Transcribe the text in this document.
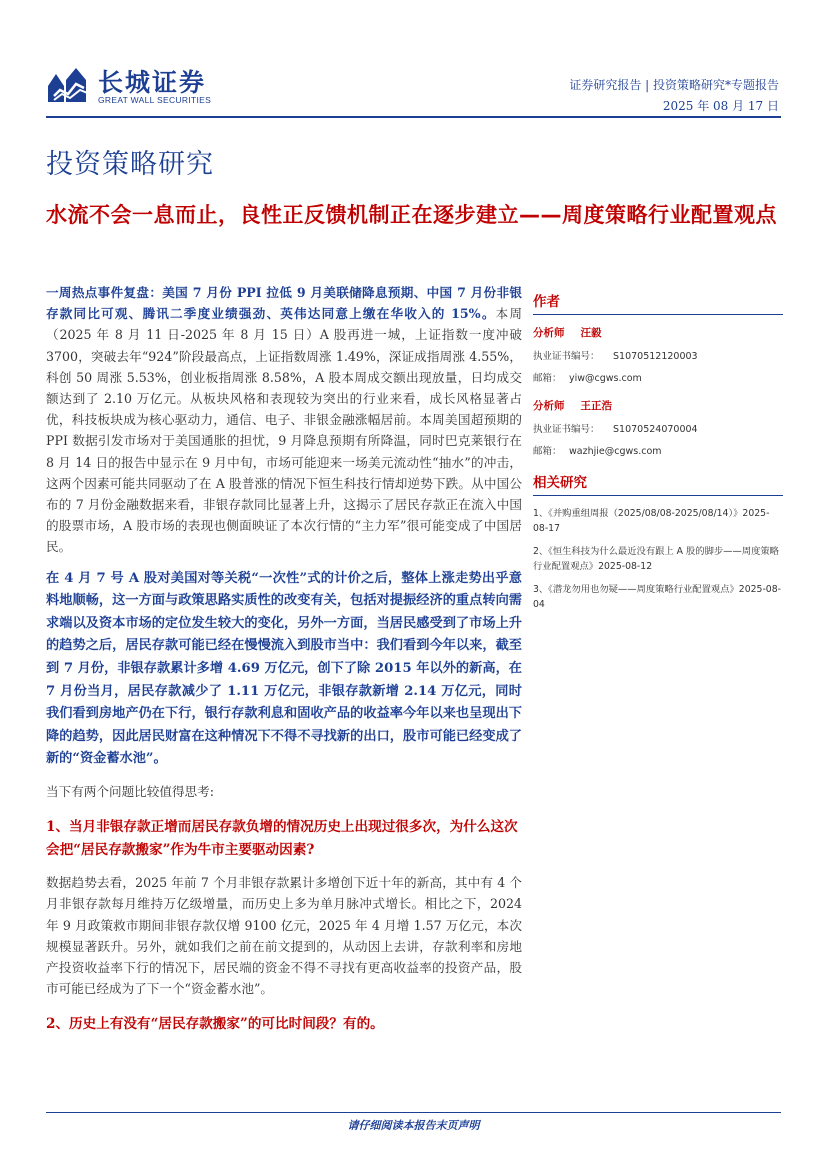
长城证券
GREAT WALL SECURITIES
证券研究报告 | 投资策略研究*专题报告
2025 年 08 月 17 日
投资策略研究
水流不会一息而止，良性正反馈机制正在逐步建立——周度策略行业配置观点

一周热点事件复盘：美国 7 月份 PPI 拉低 9 月美联储降息预期、中国 7 月份非银存款同比可观、腾讯二季度业绩强劲、英伟达同意上缴在华收入的 15%。本周（2025 年 8 月 11 日-2025 年 8 月 15 日）A 股再进一城，上证指数一度冲破 3700，突破去年“924”阶段最高点，上证指数周涨 1.49%，深证成指周涨 4.55%，科创 50 周涨 5.53%，创业板指周涨 8.58%，A 股本周成交额出现放量，日均成交额达到了 2.10 万亿元。从板块风格和表现较为突出的行业来看，成长风格显著占优，科技板块成为核心驱动力，通信、电子、非银金融涨幅居前。本周美国超预期的 PPI 数据引发市场对于美国通胀的担忧，9 月降息预期有所降温，同时巴克莱银行在 8 月 14 日的报告中显示在 9 月中旬，市场可能迎来一场美元流动性“抽水”的冲击，这两个因素可能共同驱动了在 A 股普涨的情况下恒生科技行情却逆势下跌。从中国公布的 7 月份金融数据来看，非银存款同比显著上升，这揭示了居民存款正在流入中国的股票市场，A 股市场的表现也侧面映证了本次行情的“主力军”很可能变成了中国居民。

在 4 月 7 号 A 股对美国对等关税“一次性”式的计价之后，整体上涨走势出乎意料地顺畅，这一方面与政策思路实质性的改变有关，包括对提振经济的重点转向需求端以及资本市场的定位发生较大的变化，另外一方面，当居民感受到了市场上升的趋势之后，居民存款可能已经在慢慢流入到股市当中：我们看到今年以来，截至到 7 月份，非银存款累计多增 4.69 万亿元，创下了除 2015 年以外的新高，在 7 月份当月，居民存款减少了 1.11 万亿元，非银存款新增 2.14 万亿元，同时我们看到房地产仍在下行，银行存款利息和固收产品的收益率今年以来也呈现出下降的趋势，因此居民财富在这种情况下不得不寻找新的出口，股市可能已经变成了新的“资金蓄水池”。

当下有两个问题比较值得思考:

1、当月非银存款正增而居民存款负增的情况历史上出现过很多次，为什么这次会把“居民存款搬家”作为牛市主要驱动因素?

数据趋势去看，2025 年前 7 个月非银存款累计多增创下近十年的新高，其中有 4 个月非银存款每月维持万亿级增量，而历史上多为单月脉冲式增长。相比之下，2024 年 9 月政策救市期间非银存款仅增 9100 亿元，2025 年 4 月增 1.57 万亿元，本次规模显著跃升。另外，就如我们之前在前文提到的，从动因上去讲，存款利率和房地产投资收益率下行的情况下，居民端的资金不得不寻找有更高收益率的投资产品，股市可能已经成为了下一个“资金蓄水池”。

2、历史上有没有“居民存款搬家”的可比时间段？有的。

作者
分析师 汪毅
执业证书编号： S1070512120003
邮箱： yiw@cgws.com
分析师 王正浩
执业证书编号： S1070524070004
邮箱： wazhjie@cgws.com
相关研究
1、《并购重组周报（2025/08/08-2025/08/14）》2025-08-17
2、《恒生科技为什么最近没有跟上 A 股的脚步——周度策略行业配置观点》2025-08-12
3、《潜龙勿用也勿疑——周度策略行业配置观点》2025-08-04
请仔细阅读本报告末页声明
